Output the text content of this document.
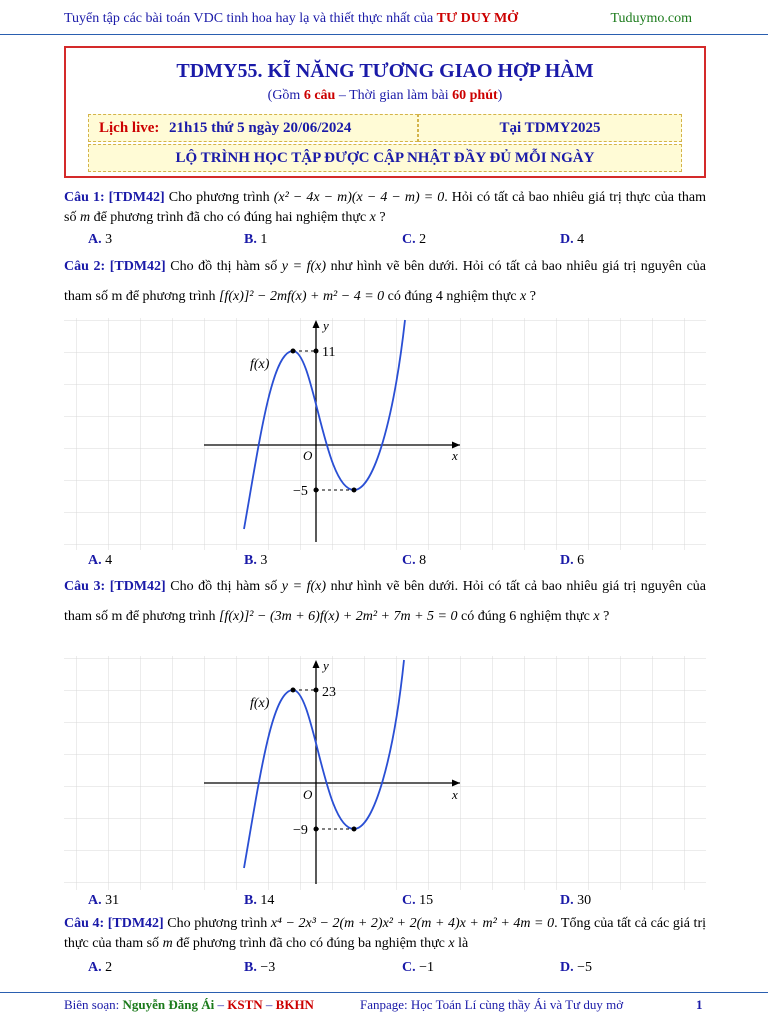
Tuyển tập các bài toán VDC tinh hoa hay lạ và thiết thực nhất của TƯ DUY MỞ	Tuduymo.com
TDMY55. KĨ NĂNG TƯƠNG GIAO HỢP HÀM
(Gồm 6 câu – Thời gian làm bài 60 phút)
Lịch live: 21h15 thứ 5 ngày 20/06/2024	Tại TDMY2025
LỘ TRÌNH HỌC TẬP ĐƯỢC CẬP NHẬT ĐẦY ĐỦ MỖI NGÀY
Câu 1: [TDM42] Cho phương trình (x² − 4x − m)(x − 4 − m) = 0. Hỏi có tất cả bao nhiêu giá trị thực của tham số m để phương trình đã cho có đúng hai nghiệm thực x ?
A. 3	B. 1	C. 2	D. 4
Câu 2: [TDM42] Cho đồ thị hàm số y = f(x) như hình vẽ bên dưới. Hỏi có tất cả bao nhiêu giá trị nguyên của tham số m để phương trình [f(x)]² − 2mf(x) + m² − 4 = 0 có đúng 4 nghiệm thực x ?
f(x)
y
x
O
11
−5
A. 4	B. 3	C. 8	D. 6
Câu 3: [TDM42] Cho đồ thị hàm số y = f(x) như hình vẽ bên dưới. Hỏi có tất cả bao nhiêu giá trị nguyên của tham số m để phương trình [f(x)]² − (3m + 6)f(x) + 2m² + 7m + 5 = 0 có đúng 6 nghiệm thực x ?
f(x)
y
x
O
23
−9
A. 31	B. 14	C. 15	D. 30
Câu 4: [TDM42] Cho phương trình x⁴ − 2x³ − 2(m + 2)x² + 2(m + 4)x + m² + 4m = 0. Tổng của tất cả các giá trị thực của tham số m để phương trình đã cho có đúng ba nghiệm thực x là
A. 2	B. −3	C. −1	D. −5
Biên soạn: Nguyễn Đăng Ái – KSTN – BKHN	Fanpage: Học Toán Lí cùng thầy Ái và Tư duy mở	1
